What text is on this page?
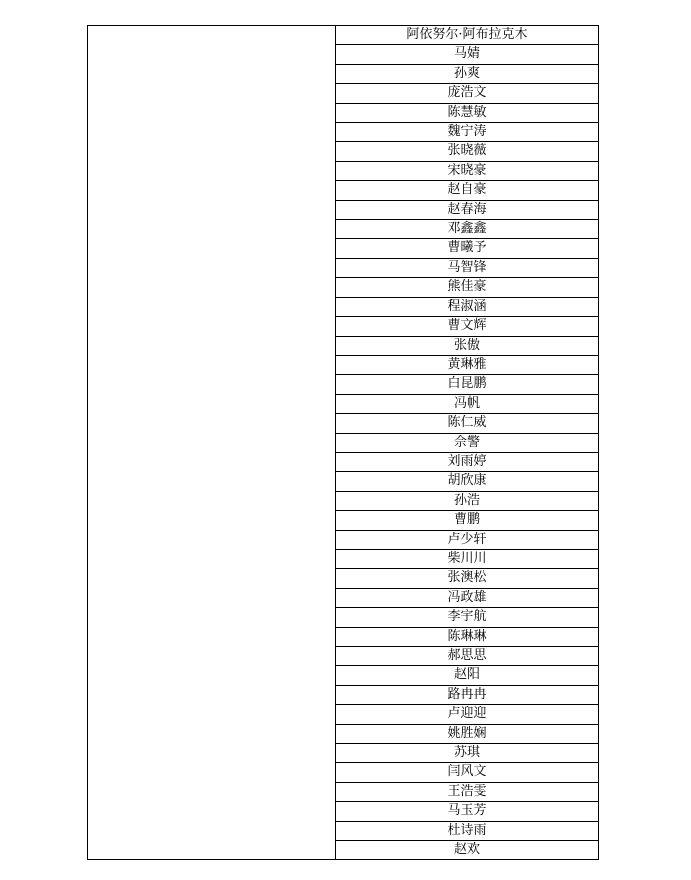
	阿依努尔·阿布拉克木
马婧
孙爽
庞浩文
陈慧敏
魏宁涛
张晓薇
宋晓豪
赵自豪
赵春海
邓鑫鑫
曹曦予
马智锋
熊佳豪
程淑涵
曹文辉
张傲
黄琳雅
白昆鹏
冯帆
陈仁威
佘警
刘雨婷
胡欣康
孙浩
曹鹏
卢少轩
柴川川
张澳松
冯政雄
李宇航
陈琳琳
郝思思
赵阳
路冉冉
卢迎迎
姚胜娴
苏琪
闫风文
王浩雯
马玉芳
杜诗雨
赵欢
